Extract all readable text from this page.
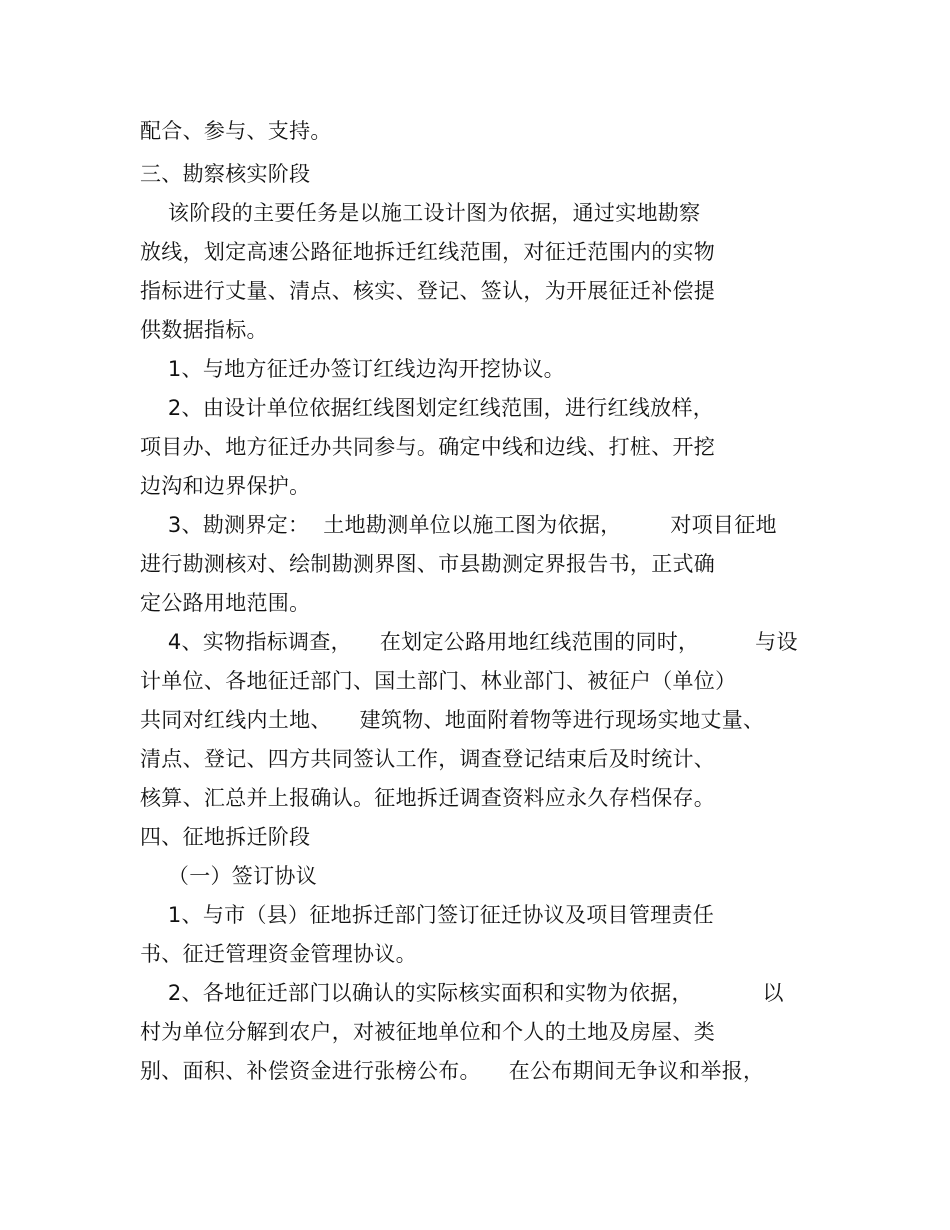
配合、参与、支持。
三、勘察核实阶段
该阶段的主要任务是以施工设计图为依据，通过实地勘察
放线，划定高速公路征地拆迁红线范围，对征迁范围内的实物
指标进行丈量、清点、核实、登记、签认，为开展征迁补偿提
供数据指标。
1、与地方征迁办签订红线边沟开挖协议。
2、由设计单位依据红线图划定红线范围，进行红线放样，
项目办、地方征迁办共同参与。确定中线和边线、打桩、开挖
边沟和边界保护。
3、勘测界定：  土地勘测单位以施工图为依据，       对项目征地
进行勘测核对、绘制勘测界图、市县勘测定界报告书，正式确
定公路用地范围。
4、实物指标调查，    在划定公路用地红线范围的同时，        与设
计单位、各地征迁部门、国土部门、林业部门、被征户（单位）
共同对红线内土地、    建筑物、地面附着物等进行现场实地丈量、
清点、登记、四方共同签认工作，调查登记结束后及时统计、
核算、汇总并上报确认。征地拆迁调查资料应永久存档保存。
四、征地拆迁阶段
（一）签订协议
1、与市（县）征地拆迁部门签订征迁协议及项目管理责任
书、征迁管理资金管理协议。
2、各地征迁部门以确认的实际核实面积和实物为依据，          以
村为单位分解到农户，对被征地单位和个人的土地及房屋、类
别、面积、补偿资金进行张榜公布。    在公布期间无争议和举报，
